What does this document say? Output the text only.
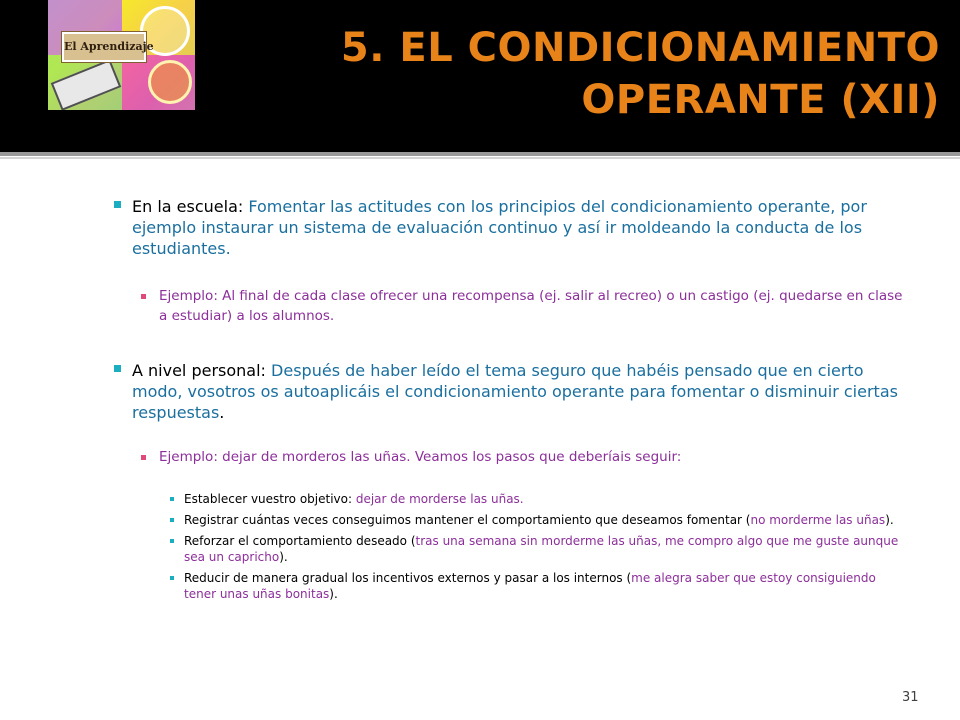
El Aprendizaje	5. EL CONDICIONAMIENTO
OPERANTE (XII)
En la escuela: Fomentar las actitudes con los principios del condicionamiento operante, por ejemplo instaurar un sistema de evaluación continuo y así ir moldeando la conducta de los estudiantes.
Ejemplo: Al final de cada clase ofrecer una recompensa (ej. salir al recreo) o un castigo (ej. quedarse en clase a estudiar) a los alumnos.
A nivel personal: Después de haber leído el tema seguro que habéis pensado que en cierto modo, vosotros os autoaplicáis el condicionamiento operante para fomentar o disminuir ciertas respuestas.
Ejemplo: dejar de morderos las uñas. Veamos los pasos que deberíais seguir:
Establecer vuestro objetivo: dejar de morderse las uñas.
Registrar cuántas veces conseguimos mantener el comportamiento que deseamos fomentar (no morderme las uñas).
Reforzar el comportamiento deseado (tras una semana sin morderme las uñas, me compro algo que me guste aunque sea un capricho).
Reducir de manera gradual los incentivos externos y pasar a los internos (me alegra saber que estoy consiguiendo tener unas uñas bonitas).
31
